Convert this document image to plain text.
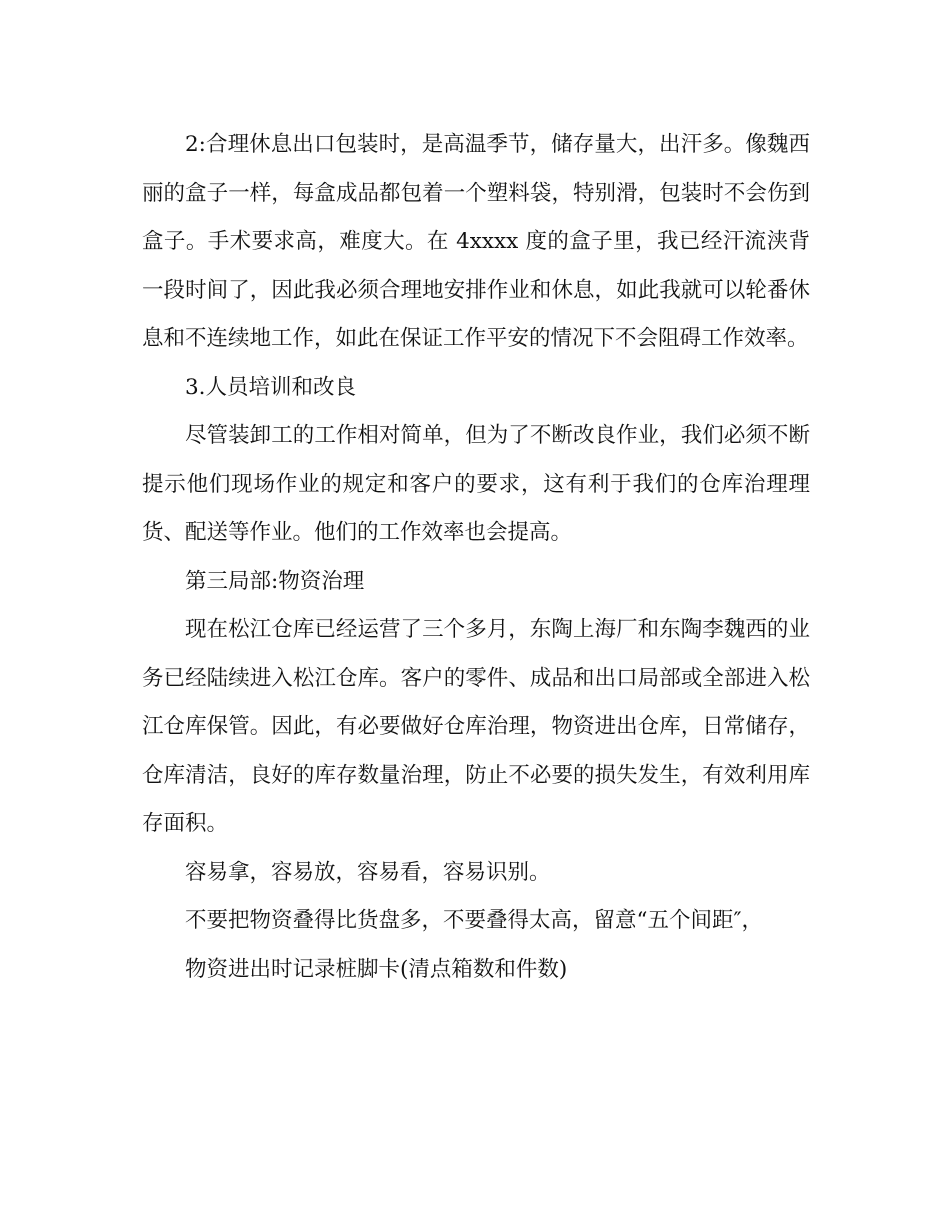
2:合理休息出口包装时，是高温季节，储存量大，出汗多。像魏西丽的盒子一样，每盒成品都包着一个塑料袋，特别滑，包装时不会伤到盒子。手术要求高，难度大。在 4xxxx 度的盒子里，我已经汗流浃背一段时间了，因此我必须合理地安排作业和休息，如此我就可以轮番休息和不连续地工作，如此在保证工作平安的情况下不会阻碍工作效率。

3.人员培训和改良

尽管装卸工的工作相对简单，但为了不断改良作业，我们必须不断提示他们现场作业的规定和客户的要求，这有利于我们的仓库治理理货、配送等作业。他们的工作效率也会提高。

第三局部:物资治理

现在松江仓库已经运营了三个多月，东陶上海厂和东陶李魏西的业务已经陆续进入松江仓库。客户的零件、成品和出口局部或全部进入松江仓库保管。因此，有必要做好仓库治理，物资进出仓库，日常储存，仓库清洁，良好的库存数量治理，防止不必要的损失发生，有效利用库存面积。

容易拿，容易放，容易看，容易识别。

不要把物资叠得比货盘多，不要叠得太高，留意“五个间距″，

物资进出时记录桩脚卡(清点箱数和件数)
